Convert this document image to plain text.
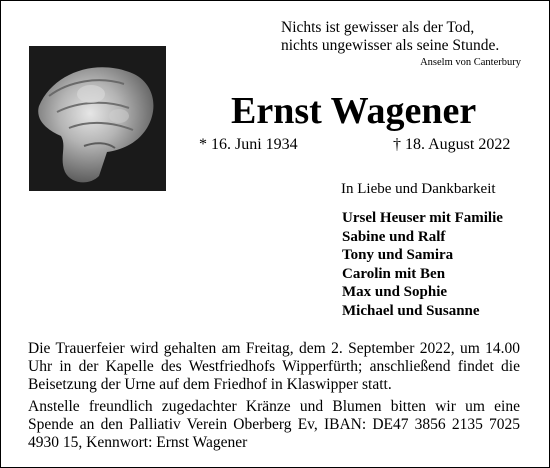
Nichts ist gewisser als der Tod,
nichts ungewisser als seine Stunde.
Anselm von Canterbury
Ernst Wagener
* 16. Juni 1934	† 18. August 2022
In Liebe und Dankbarkeit
Ursel Heuser mit Familie
Sabine und Ralf
Tony und Samira
Carolin mit Ben
Max und Sophie
Michael und Susanne

Die Trauerfeier wird gehalten am Freitag, dem 2. September 2022, um 14.00 Uhr in der Kapelle des Westfriedhofs Wipperfürth; anschließend findet die Beisetzung der Urne auf dem Friedhof in Klaswipper statt.

Anstelle freundlich zugedachter Kränze und Blumen bitten wir um eine Spende an den Palliativ Verein Oberberg Ev, IBAN: DE47 3856 2135 7025 4930 15, Kennwort: Ernst Wagener
